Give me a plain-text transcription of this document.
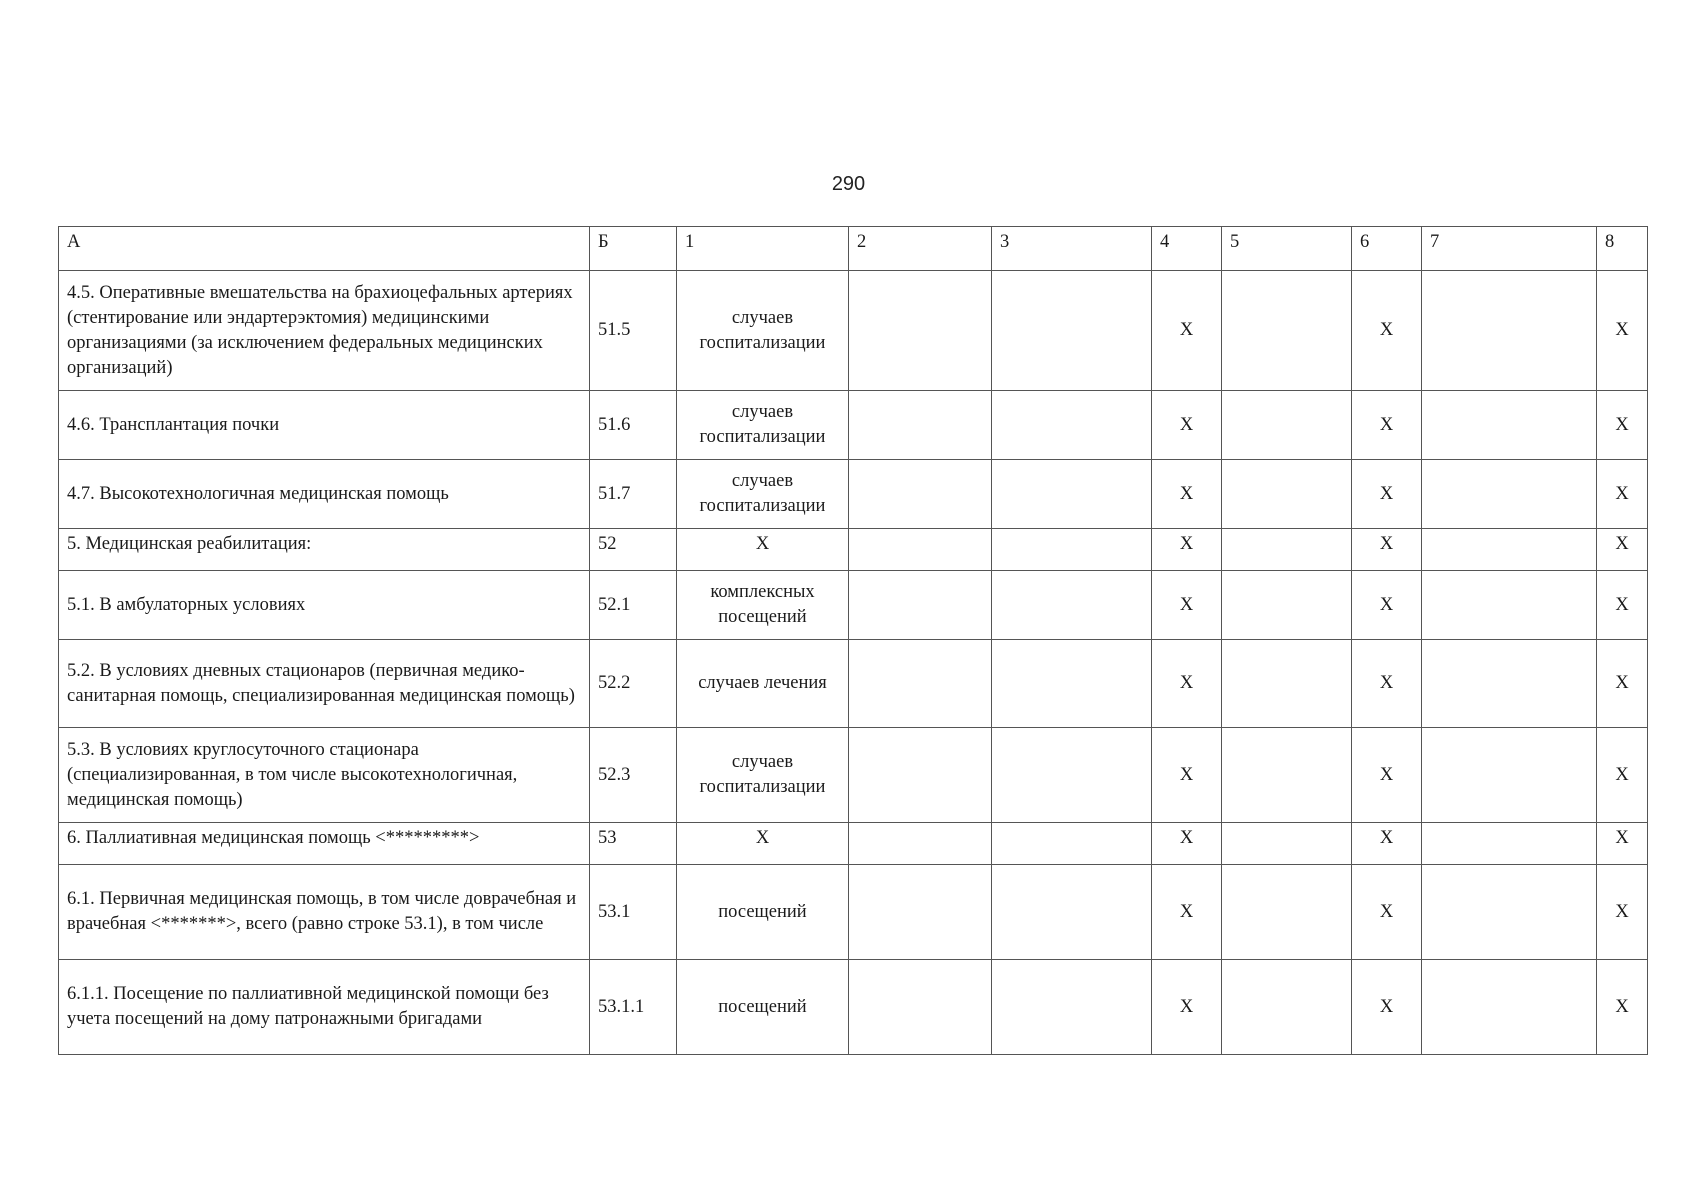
290
А	Б	1	2	3	4	5	6	7	8
4.5. Оперативные вмешательства на брахиоцефальных артериях (стентирование или эндартерэктомия) медицинскими организациями (за исключением федеральных медицинских организаций)	51.5	случаев госпитализации			X		X		X
4.6. Трансплантация почки	51.6	случаев госпитализации			X		X		X
4.7. Высокотехнологичная медицинская помощь	51.7	случаев госпитализации			X		X		X
5. Медицинская реабилитация:	52	X			X		X		X
5.1. В амбулаторных условиях	52.1	комплексных посещений			X		X		X
5.2. В условиях дневных стационаров (первичная медико-санитарная помощь, специализированная медицинская помощь)	52.2	случаев лечения			X		X		X
5.3. В условиях круглосуточного стационара (специализированная, в том числе высокотехнологичная, медицинская помощь)	52.3	случаев госпитализации			X		X		X
6. Паллиативная медицинская помощь <*********>	53	X			X		X		X
6.1. Первичная медицинская помощь, в том числе доврачебная и врачебная <*******>, всего (равно строке 53.1), в том числе	53.1	посещений			X		X		X
6.1.1. Посещение по паллиативной медицинской помощи без учета посещений на дому патронажными бригадами	53.1.1	посещений			X		X		X
